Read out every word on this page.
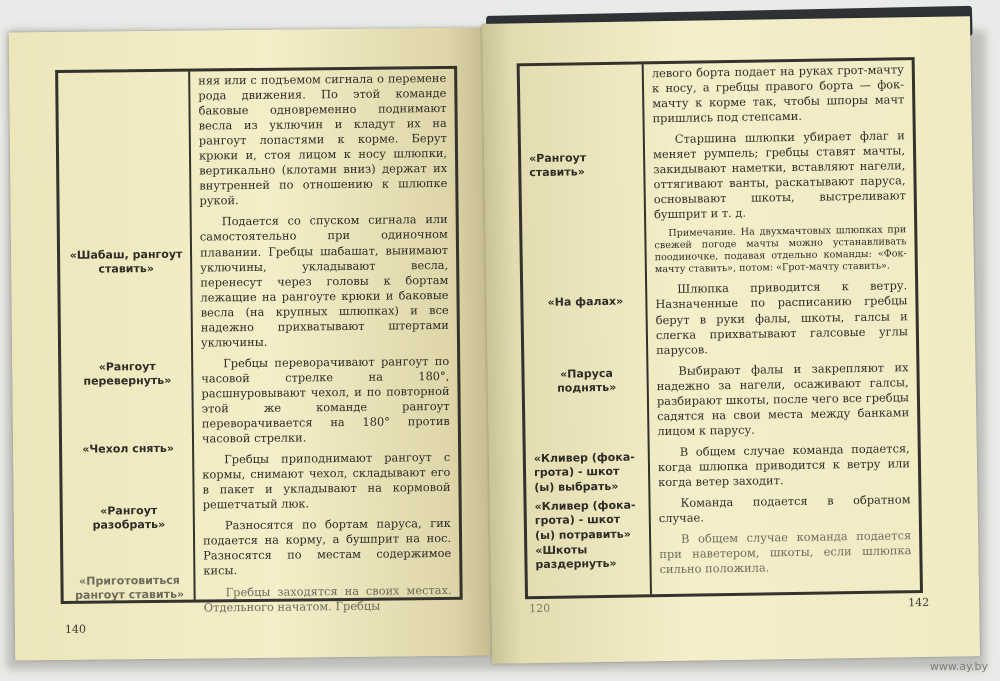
«Шабаш, рангоут ставить»
«Рангоут перевернуть»
«Чехол снять»
«Рангоут разобрать»
«Приготовиться рангоут ставить»

няя или с подъемом сигнала о перемене рода движения. По этой команде баковые одновременно поднимают весла из уключин и кладут их на рангоут лопастями к корме. Берут крюки и, стоя лицом к носу шлюпки, вертикально (клотами вниз) держат их внутренней по отношению к шлюпке рукой.

Подается со спуском сигнала или самостоятельно при одиночном плавании. Гребцы шабашат, вынимают уключины, укладывают весла, перенесут через головы к бортам лежащие на рангоуте крюки и баковые весла (на крупных шлюпках) и все надежно прихватывают штертами уключины.

Гребцы переворачивают рангоут по часовой стрелке на 180°, расшнуровывают чехол, и по повторной этой же команде рангоут переворачивается на 180° против часовой стрелки.

Гребцы приподнимают рангоут с кормы, снимают чехол, складывают его в пакет и укладывают на кормовой решетчатый люк.

Разносятся по бортам паруса, гик подается на корму, а бушприт на нос. Разносятся по местам содержимое кисы.

Гребцы заходятся на своих местах. Отдельного начатом. Гребцы

140
«Рангоут ставить»
«На фалах»
«Паруса поднять»
«Кливер (фока-грота) - шкот (ы) выбрать»
«Кливер (фока-грота) - шкот (ы) потравить»
«Шкоты раздернуть»

левого борта подает на руках грот-мачту к носу, а гребцы правого борта — фок-мачту к корме так, чтобы шпоры мачт пришлись под степсами.

Старшина шлюпки убирает флаг и меняет румпель; гребцы ставят мачты, закидывают наметки, вставляют нагели, оттягивают ванты, раскатывают паруса, основывают шкоты, выстреливают бушприт и т. д.

Примечание. На двухмачтовых шлюпках при свежей погоде мачты можно устанавливать поодиночке, подавая отдельно команды: «Фок-мачту ставить», потом: «Грот-мачту ставить».

Шлюпка приводится к ветру. Назначенные по расписанию гребцы берут в руки фалы, шкоты, галсы и слегка прихватывают галсовые углы парусов.

Выбирают фалы и закрепляют их надежно за нагели, осаживают галсы, разбирают шкоты, после чего все гребцы садятся на свои места между банками лицом к парусу.

В общем случае команда подается, когда шлюпка приводится к ветру или когда ветер заходит.

Команда подается в обратном случае.

В общем случае команда подается при наветером, шкоты, если шлюпка сильно положила.

120	142
www.ay.by
